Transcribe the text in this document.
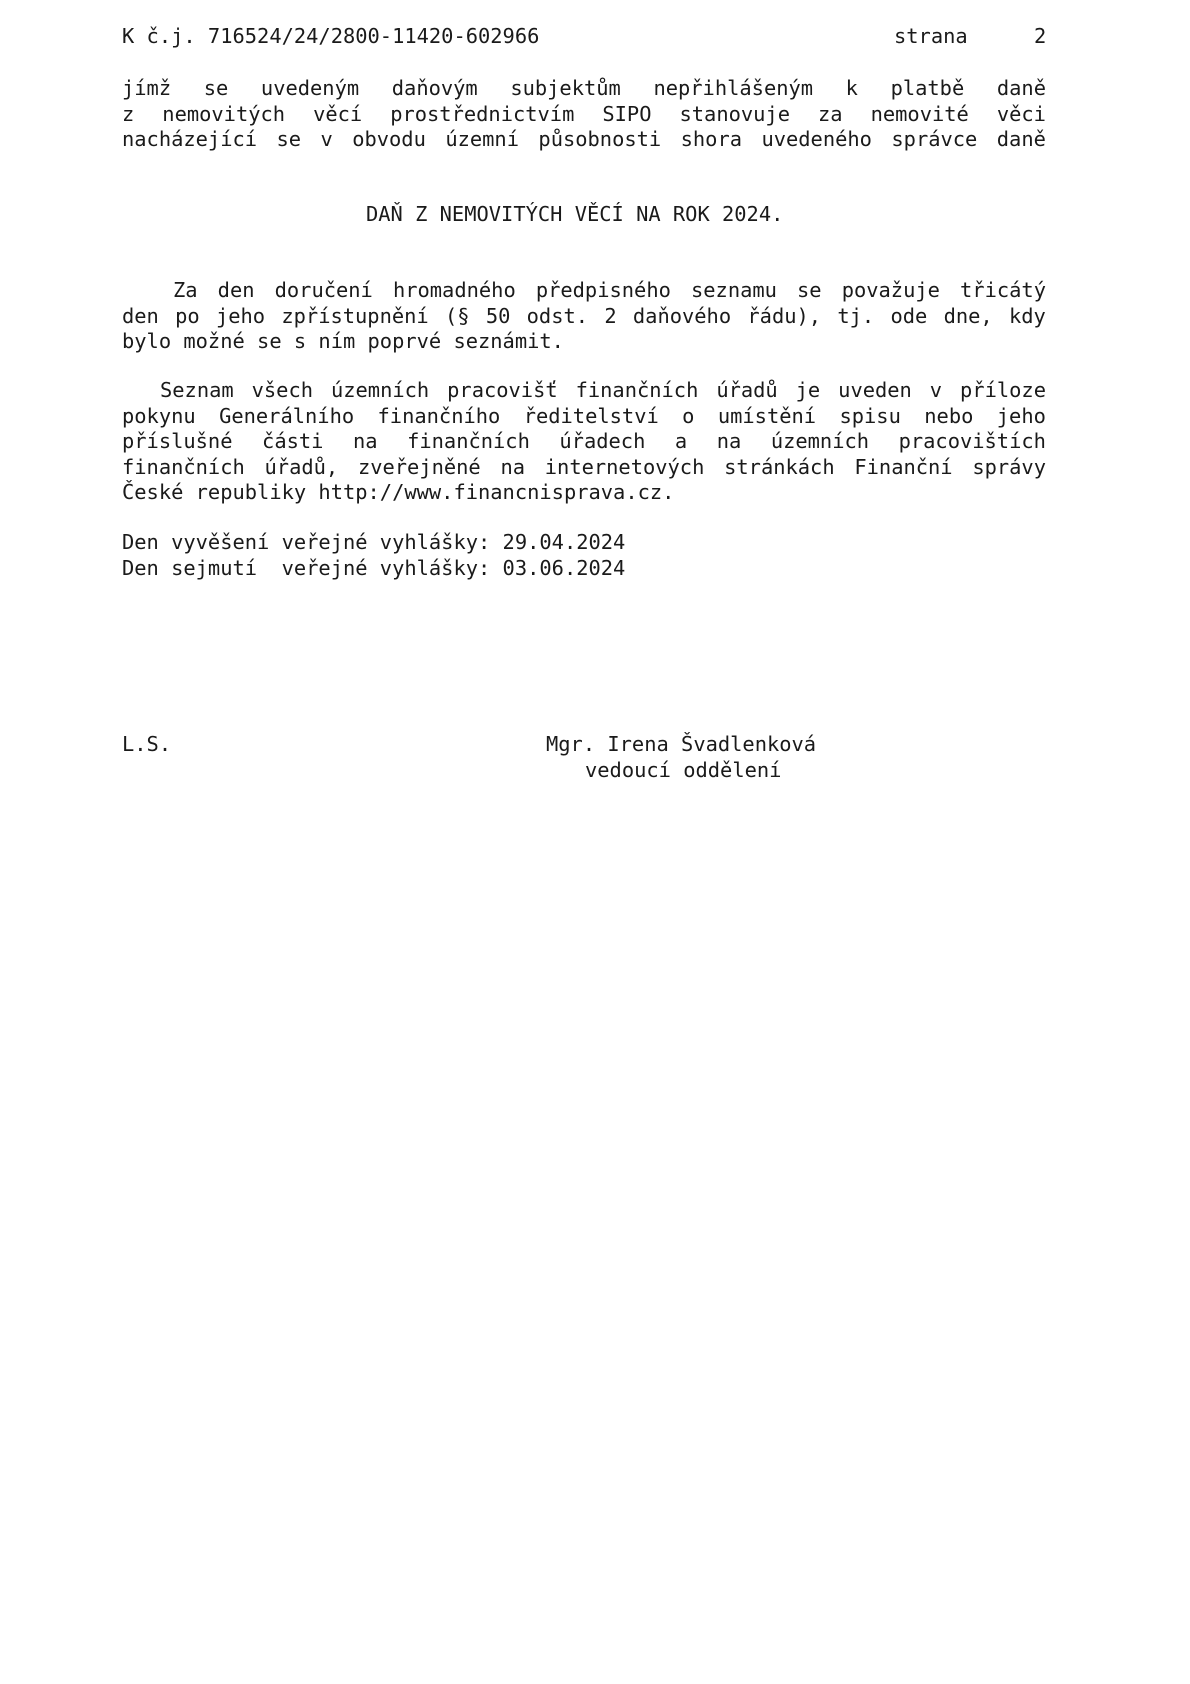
K č.j. 716524/24/2800-11420-602966	strana	2
jímž se uvedeným daňovým subjektům nepřihlášeným k platbě daně
z nemovitých věcí prostřednictvím SIPO stanovuje za nemovité věci
nacházející se v obvodu územní působnosti shora uvedeného správce daně
DAŇ Z NEMOVITÝCH VĚCÍ NA ROK 2024.
Za den doručení hromadného předpisného seznamu se považuje třicátý
den po jeho zpřístupnění (§ 50 odst. 2 daňového řádu), tj. ode dne, kdy
bylo možné se s ním poprvé seznámit.
Seznam všech územních pracovišť finančních úřadů je uveden v příloze
pokynu Generálního finančního ředitelství o umístění spisu nebo jeho
příslušné části na finančních úřadech a na územních pracovištích
finančních úřadů, zveřejněné na internetových stránkách Finanční správy
České republiky http://www.financnisprava.cz.
Den vyvěšení veřejné vyhlášky: 29.04.2024
Den sejmutí  veřejné vyhlášky: 03.06.2024
L.S.	Mgr. Irena Švadlenková
vedoucí oddělení
